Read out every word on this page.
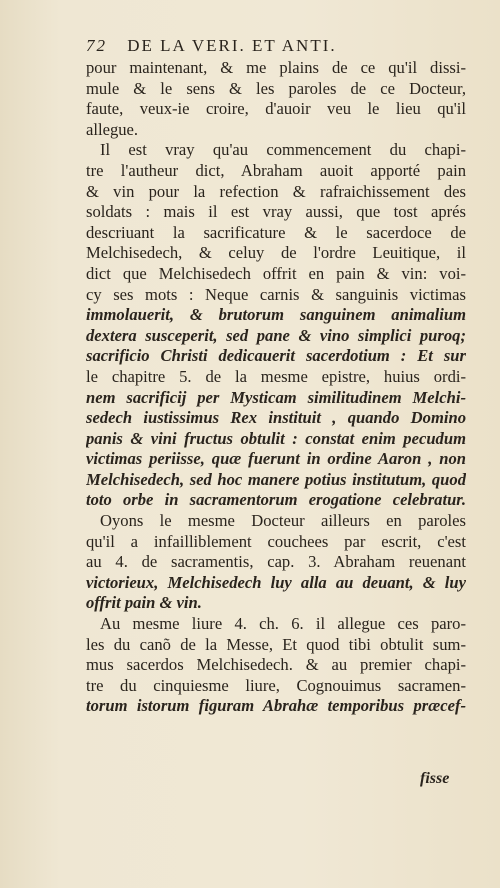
72 DE LA VERI. ET ANTI.
pour maintenant, & me plains de ce qu'il dissi-
mule & le sens & les paroles de ce Docteur,
faute, veux-ie croire, d'auoir veu le lieu qu'il
allegue.
Il est vray qu'au commencement du chapi-
tre l'autheur dict, Abraham auoit apporté pain
& vin pour la refection & rafraichissement des
soldats : mais il est vray aussi, que tost aprés
descriuant la sacrificature & le sacerdoce de
Melchisedech, & celuy de l'ordre Leuitique, il
dict que Melchisedech offrit en pain & vin: voi-
cy ses mots : Neque carnis & sanguinis victimas
immolauerit, & brutorum sanguinem animalium
dextera susceperit, sed pane & vino simplici puroq;
sacrificio Christi dedicauerit sacerdotium : Et sur
le chapitre 5. de la mesme epistre, huius ordi-
nem sacrificij per Mysticam similitudinem Melchi-
sedech iustissimus Rex instituit , quando Domino
panis & vini fructus obtulit : constat enim pecudum
victimas periisse, quæ fuerunt in ordine Aaron , non
Melchisedech, sed hoc manere potius institutum, quod
toto orbe in sacramentorum erogatione celebratur.
Oyons le mesme Docteur ailleurs en paroles
qu'il a infailliblement couchees par escrit, c'est
au 4. de sacramentis, cap. 3. Abraham reuenant
victorieux, Melchisedech luy alla au deuant, & luy
offrit pain & vin.
Au mesme liure 4. ch. 6. il allegue ces paro-
les du canõ de la Messe, Et quod tibi obtulit sum-
mus sacerdos Melchisedech. & au premier chapi-
tre du cinquiesme liure, Cognouimus sacramen-
torum istorum figuram Abrahæ temporibus præcef-
fisse
